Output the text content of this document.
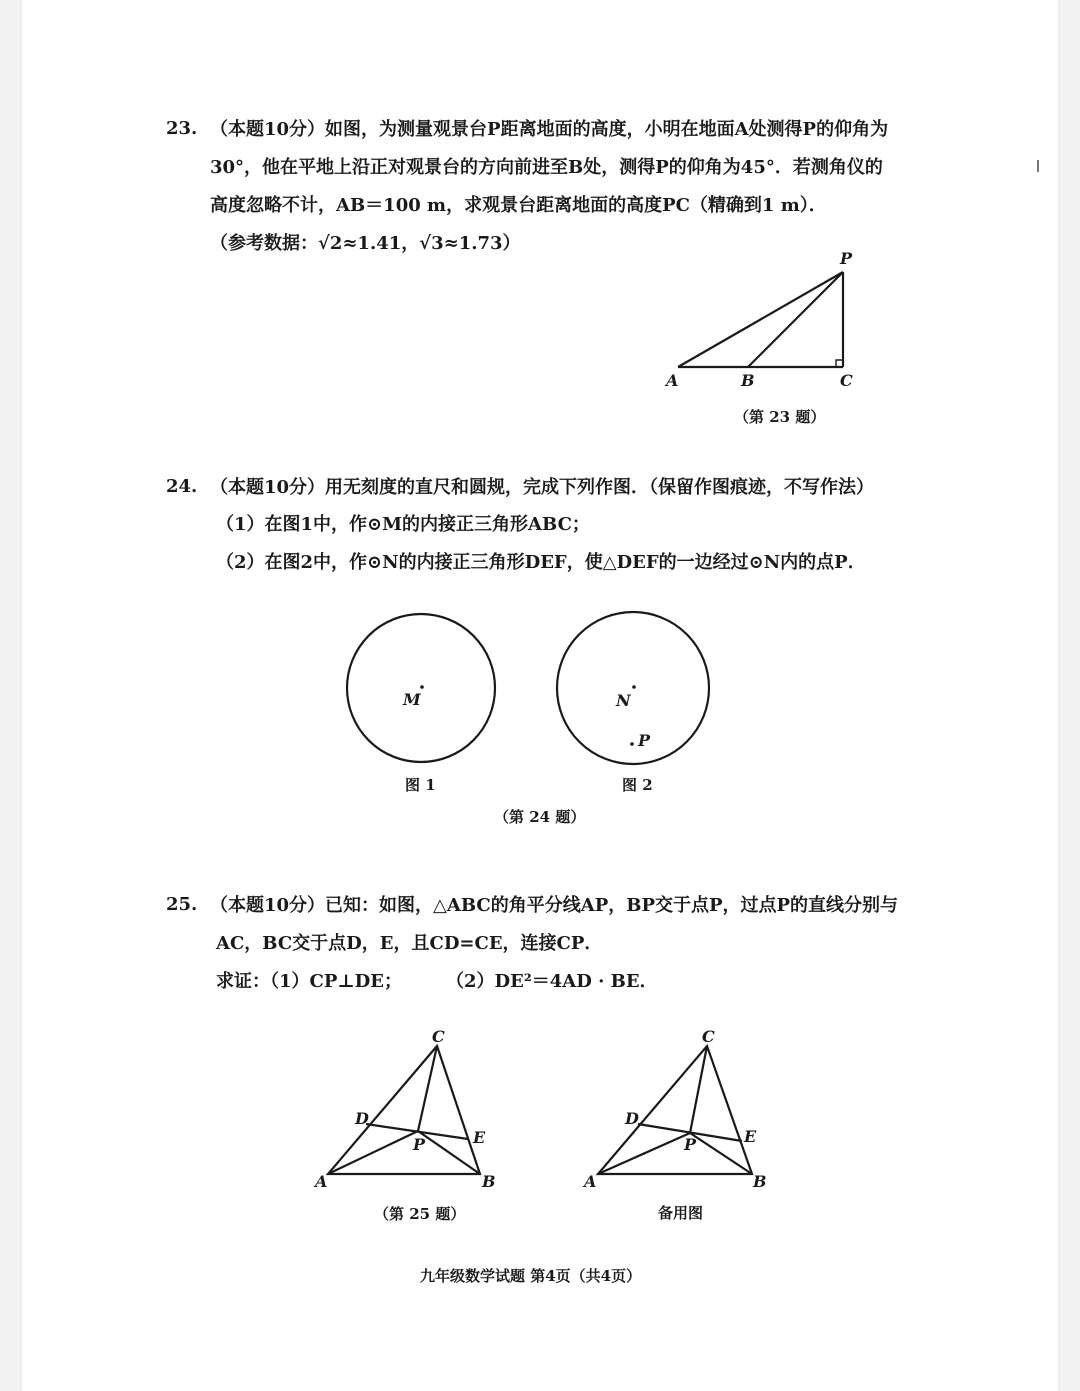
23. （本题10分）如图，为测量观景台P距离地面的高度，小明在地面A处测得P的仰角为
30°，他在平地上沿正对观景台的方向前进至B处，测得P的仰角为45°．若测角仪的
高度忽略不计，AB＝100 m，求观景台距离地面的高度PC（精确到1 m）．
（参考数据：√2≈1.41，√3≈1.73）
P
A	B	C
（第 23 题）
24. （本题10分）用无刻度的直尺和圆规，完成下列作图．（保留作图痕迹，不写作法）
（1）在图1中，作⊙M的内接正三角形ABC；
（2）在图2中，作⊙N的内接正三角形DEF，使△DEF的一边经过⊙N内的点P．
M	N
P
图 1	图 2
（第 24 题）
25. （本题10分）已知：如图，△ABC的角平分线AP，BP交于点P，过点P的直线分别与
AC，BC交于点D，E，且CD=CE，连接CP．
求证：（1）CP⊥DE； （2）DE²＝4AD · BE．
C
D
E
P
A	B
C
D
E
P
A	B
（第 25 题）	备用图
九年级数学试题 第4页（共4页）
